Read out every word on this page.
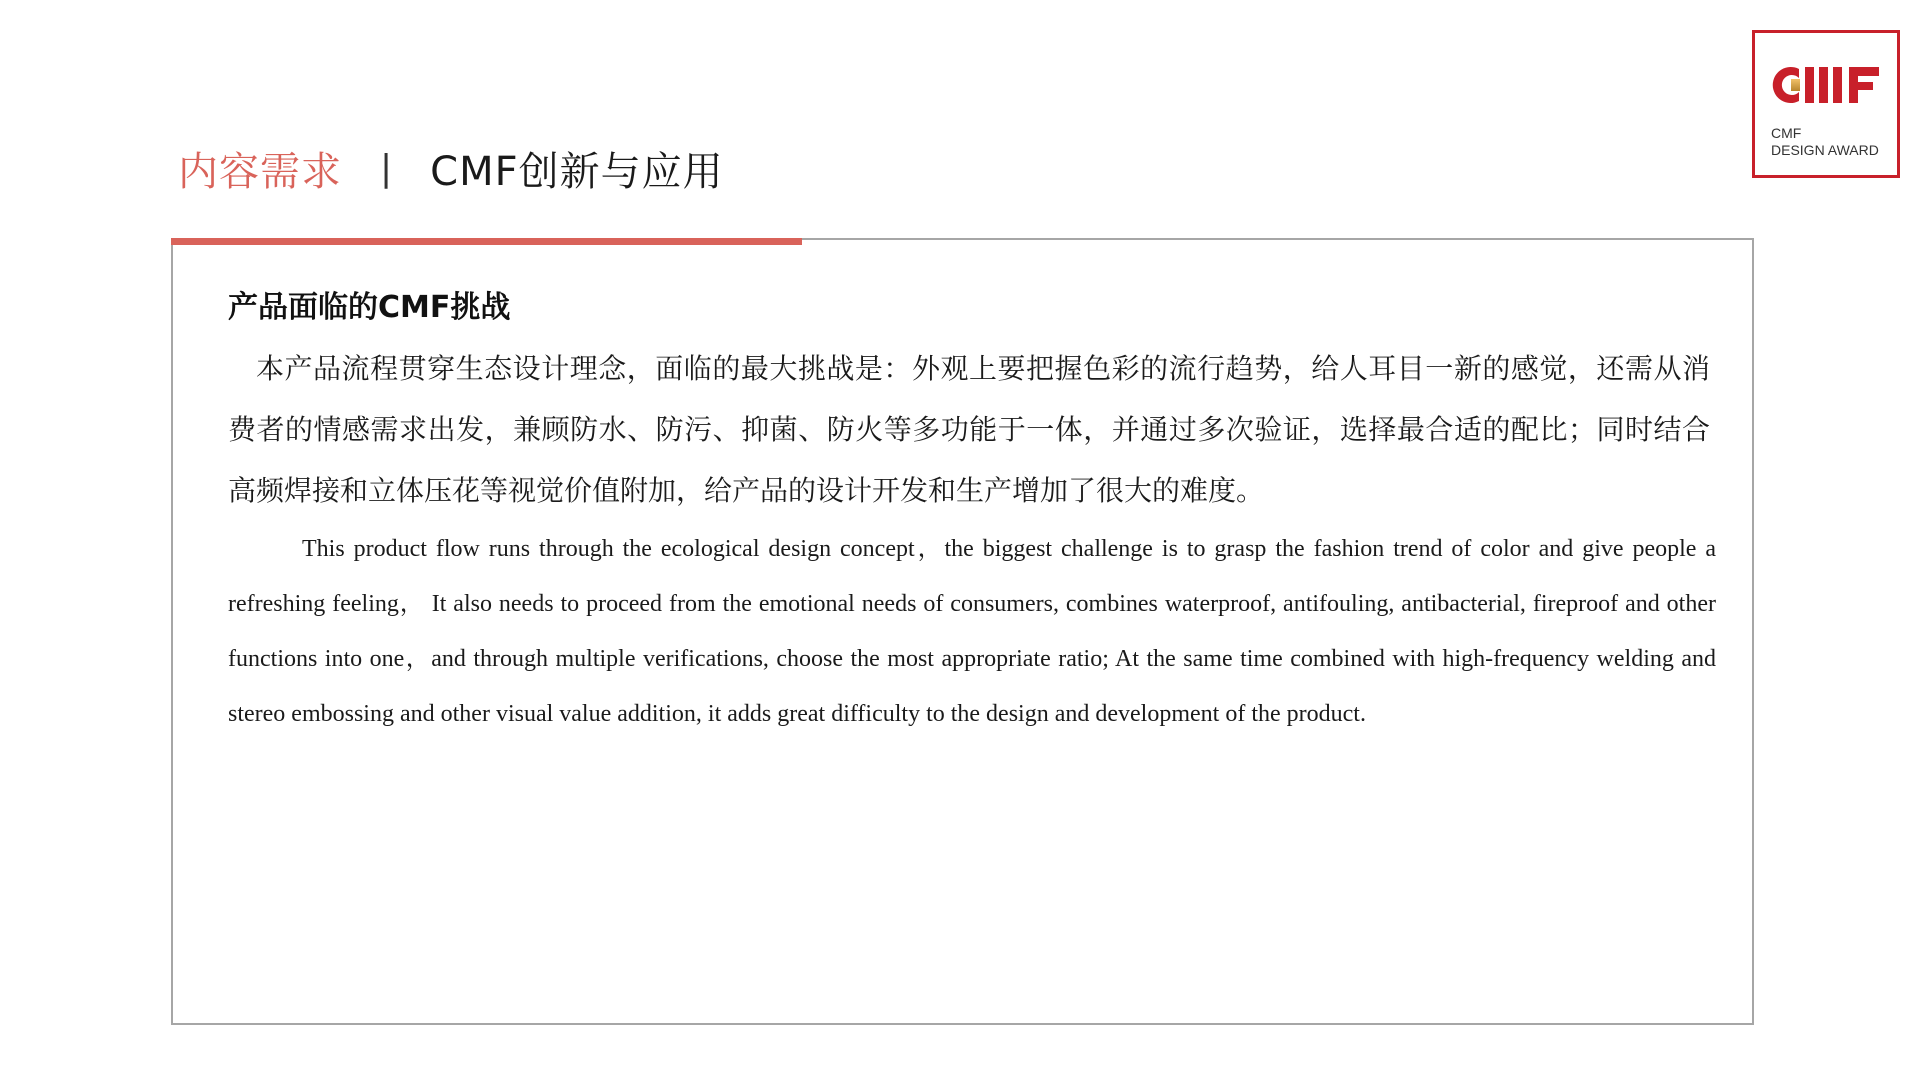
内容需求 | CMF创新与应用
CMF
DESIGN AWARD
产品面临的CMF挑战

本产品流程贯穿生态设计理念，面临的最大挑战是：外观上要把握色彩的流行趋势，给人耳目一新的感觉，还需从消费者的情感需求出发，兼顾防水、防污、抑菌、防火等多功能于一体，并通过多次验证，选择最合适的配比；同时结合高频焊接和立体压花等视觉价值附加，给产品的设计开发和生产增加了很大的难度。

This product flow runs through the ecological design concept，the biggest challenge is to grasp the fashion trend of color and give people a refreshing feeling， It also needs to proceed from the emotional needs of consumers, combines waterproof, antifouling, antibacterial, fireproof and other functions into one，and through multiple verifications, choose the most appropriate ratio; At the same time combined with high-frequency welding and stereo embossing and other visual value addition, it adds great difficulty to the design and development of the product.
